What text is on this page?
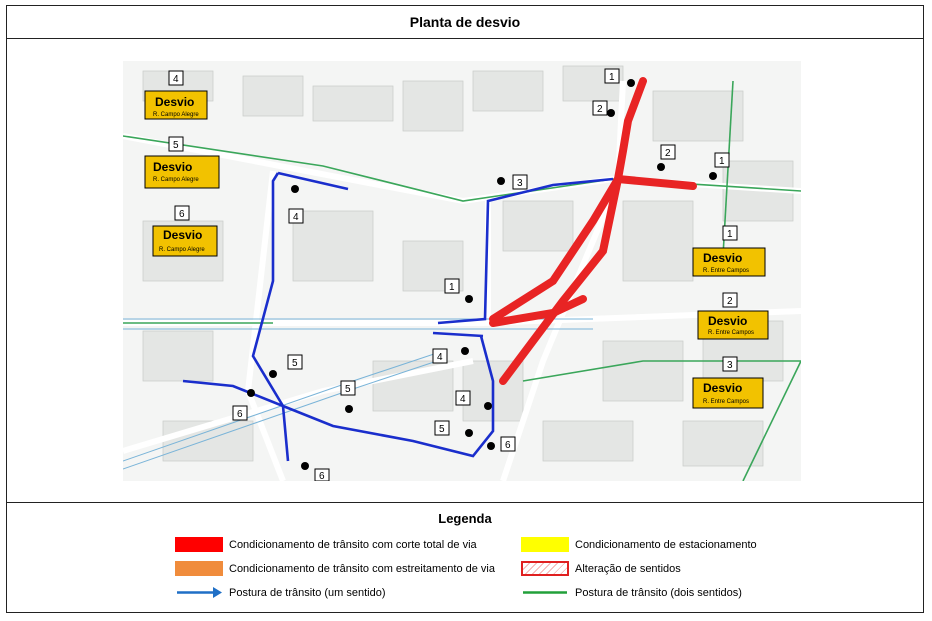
Planta de desvio
Desvio
R. Campo Alegre
Desvio
R. Campo Alegre
Desvio
R. Campo Alegre
Desvio
R. Entre Campos
Desvio
R. Entre Campos
Desvio
R. Entre Campos
4
5
6
1
2
3
1
2
1
2
3
4
1
4
5
4
5
6
5
6
6
Legenda
Condicionamento de trânsito com corte total de via	Condicionamento de estacionamento
Condicionamento de trânsito com estreitamento de via	Alteração de sentidos
Postura de trânsito (um sentido)	Postura de trânsito (dois sentidos)
